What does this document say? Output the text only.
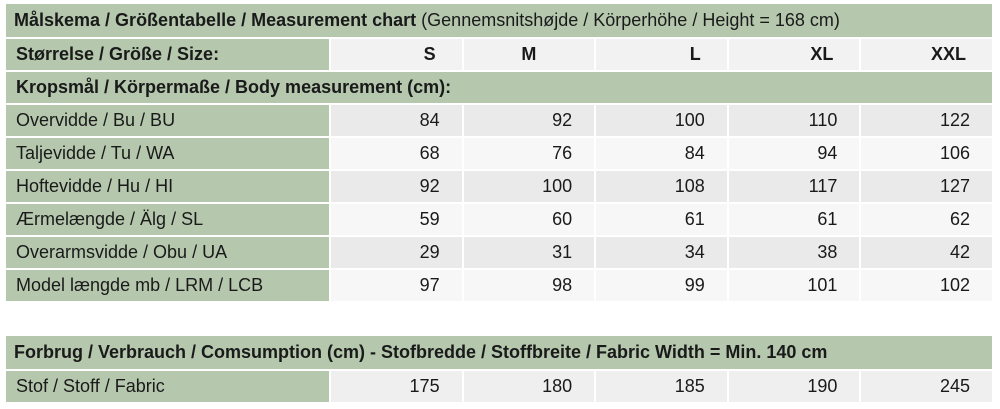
Målskema / Größentabelle / Measurement chart (Gennemsnitshøjde / Körperhöhe / Height = 168 cm)					
Størrelse / Größe / Size:	S	M	L	XL	XXL
Kropsmål / Körpermaße / Body measurement (cm):					
Overvidde / Bu / BU	84	92	100	110	122
Taljevidde / Tu / WA	68	76	84	94	106
Hoftevidde / Hu / HI	92	100	108	117	127
Ærmelængde / Älg / SL	59	60	61	61	62
Overarmsvidde / Obu / UA	29	31	34	38	42
Model længde mb / LRM / LCB	97	98	99	101	102
Forbrug / Verbrauch / Comsumption (cm) - Stofbredde / Stoffbreite / Fabric Width = Min. 140 cm
Stof / Stoff / Fabric	175	180	185	190	245
